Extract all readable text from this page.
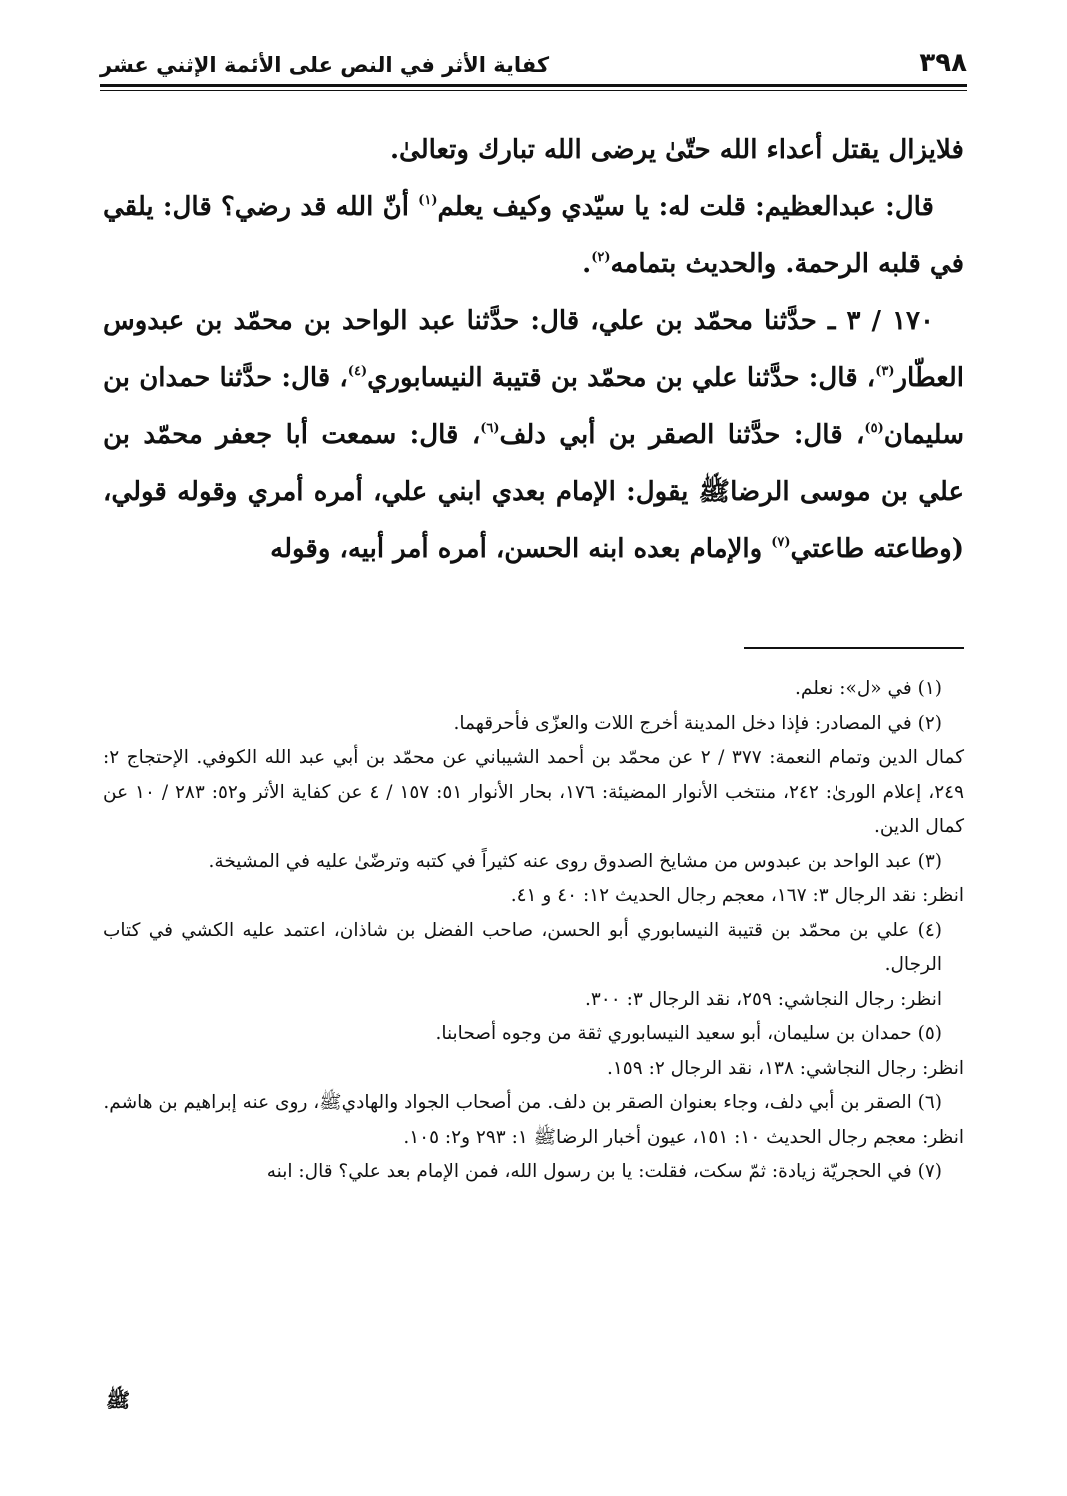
٣٩٨
كفاية الأثر في النص على الأئمة الإثني عشر

فلايزال يقتل أعداء الله حتّىٰ يرضى الله تبارك وتعالىٰ.

قال: عبدالعظيم: قلت له: يا سيّدي وكيف يعلم$^{(١)}$ أنّ الله قد رضي؟ قال: يلقي في قلبه الرحمة. والحديث بتمامه$^{(٢)}$.

١٧٠ / ٣ ـ حدَّثنا محمّد بن علي، قال: حدَّثنا عبد الواحد بن محمّد بن عبدوس العطّار$^{(٣)}$، قال: حدَّثنا علي بن محمّد بن قتيبة النيسابوري$^{(٤)}$، قال: حدَّثنا حمدان بن سليمان$^{(٥)}$، قال: حدَّثنا الصقر بن أبي دلف$^{(٦)}$، قال: سمعت أبا جعفر محمّد بن علي بن موسى الرضاﷺ يقول: الإمام بعدي ابني علي، أمره أمري وقوله قولي، (وطاعته طاعتي$^{(٧)}$ والإمام بعده ابنه الحسن، أمره أمر أبيه، وقوله

(١) في «ل»: نعلم.

(٢) في المصادر: فإذا دخل المدينة أخرج اللات والعزّى فأحرقهما.

كمال الدين وتمام النعمة: ٣٧٧ / ٢ عن محمّد بن أحمد الشيباني عن محمّد بن أبي عبد الله الكوفي. الإحتجاج ٢: ٢٤٩، إعلام الورىٰ: ٢٤٢، منتخب الأنوار المضيئة: ١٧٦، بحار الأنوار ٥١: ١٥٧ / ٤ عن كفاية الأثر و٥٢: ٢٨٣ / ١٠ عن كمال الدين.

(٣) عبد الواحد بن عبدوس من مشايخ الصدوق روى عنه كثيراً في كتبه وترضّىٰ عليه في المشيخة.

انظر: نقد الرجال ٣: ١٦٧، معجم رجال الحديث ١٢: ٤٠ و ٤١.

(٤) علي بن محمّد بن قتيبة النيسابوري أبو الحسن، صاحب الفضل بن شاذان، اعتمد عليه الكشي في كتاب الرجال.

انظر: رجال النجاشي: ٢٥٩، نقد الرجال ٣: ٣٠٠.

(٥) حمدان بن سليمان، أبو سعيد النيسابوري ثقة من وجوه أصحابنا.

انظر: رجال النجاشي: ١٣٨، نقد الرجال ٢: ١٥٩.

(٦) الصقر بن أبي دلف، وجاء بعنوان الصقر بن دلف. من أصحاب الجواد والهاديﷺ، روى عنه إبراهيم بن هاشم.

انظر: معجم رجال الحديث ١٠: ١٥١، عيون أخبار الرضاﷺ ١: ٢٩٣ و٢: ١٠٥.

(٧) في الحجريّة زيادة: ثمّ سكت، فقلت: يا بن رسول الله، فمن الإمام بعد علي؟ قال: ابنه

ﷺ
